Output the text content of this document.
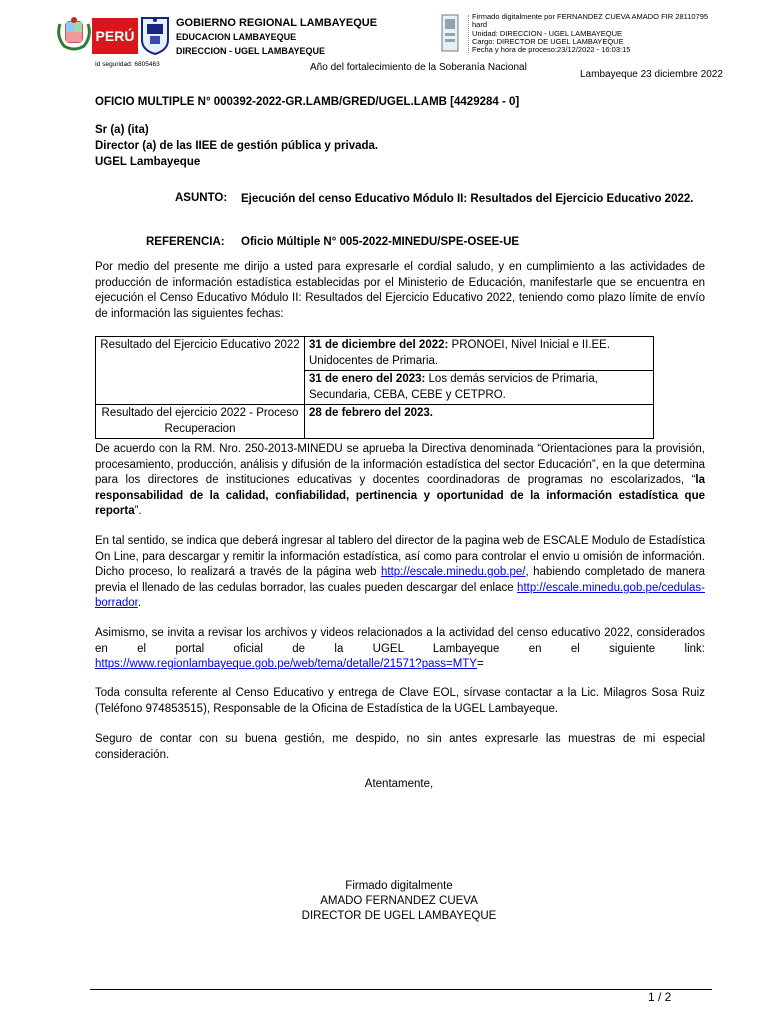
PERÚ
GOBIERNO REGIONAL LAMBAYEQUE
EDUCACION LAMBAYEQUE
DIRECCION - UGEL LAMBAYEQUE
Firmado digitalmente por FERNANDEZ CUEVA AMADO FIR 28110795
hard
Unidad: DIRECCION - UGEL LAMBAYEQUE
Cargo: DIRECTOR DE UGEL LAMBAYEQUE
Fecha y hora de proceso:23/12/2022 - 16:03:15
Id seguridad: 6805463	Año del fortalecimiento de la Soberanía Nacional
Lambayeque 23 diciembre 2022
OFICIO MULTIPLE N° 000392-2022-GR.LAMB/GRED/UGEL.LAMB [4429284 - 0]
Sr (a) (ita)
Director (a) de las IIEE de gestión pública y privada.
UGEL Lambayeque
ASUNTO: Ejecución del censo Educativo Módulo II: Resultados del Ejercicio Educativo 2022.
REFERENCIA: Oficio Múltiple N° 005-2022-MINEDU/SPE-OSEE-UE
Por medio del presente me dirijo a usted para expresarle el cordial saludo, y en cumplimiento a las actividades de producción de información estadística establecidas por el Ministerio de Educación, manifestarle que se encuentra en ejecución el Censo Educativo Módulo II: Resultados del Ejercicio Educativo 2022, teniendo como plazo límite de envío de información las siguientes fechas:
Resultado del Ejercicio Educativo 2022	31 de diciembre del 2022: PRONOEI, Nivel Inicial e II.EE. Unidocentes de Primaria.
	31 de enero del 2023: Los demás servicios de Primaria, Secundaria, CEBA, CEBE y CETPRO.
Resultado del ejercicio 2022 - Proceso Recuperacion	28 de febrero del 2023.
De acuerdo con la RM. Nro. 250-2013-MINEDU se aprueba la Directiva denominada “Orientaciones para la provisión, procesamiento, producción, análisis y difusión de la información estadística del sector Educación”, en la que determina para los directores de instituciones educativas y docentes coordinadoras de programas no escolarizados, “la responsabilidad de la calidad, confiabilidad, pertinencia y oportunidad de la información estadística que reporta”.
En tal sentido, se indica que deberá ingresar al tablero del director de la pagina web de ESCALE Modulo de Estadística On Line, para descargar y remitir la información estadística, así como para controlar el envio u omisión de información. Dicho proceso, lo realizará a través de la página web http://escale.minedu.gob.pe/, habiendo completado de manera previa el llenado de las cedulas borrador, las cuales pueden descargar del enlace http://escale.minedu.gob.pe/cedulas-borrador.
Asimismo, se invita a revisar los archivos y videos relacionados a la actividad del censo educativo 2022, considerados en el portal oficial de la UGEL Lambayeque en el siguiente link: https://www.regionlambayeque.gob.pe/web/tema/detalle/21571?pass=MTY=
Toda consulta referente al Censo Educativo y entrega de Clave EOL, sírvase contactar a la Lic. Milagros Sosa Ruiz (Teléfono 974853515), Responsable de la Oficina de Estadística de la UGEL Lambayeque.
Seguro de contar con su buena gestión, me despido, no sin antes expresarle las muestras de mi especial consideración.
Atentamente,
Firmado digitalmente
AMADO FERNANDEZ CUEVA
DIRECTOR DE UGEL LAMBAYEQUE
1 / 2
